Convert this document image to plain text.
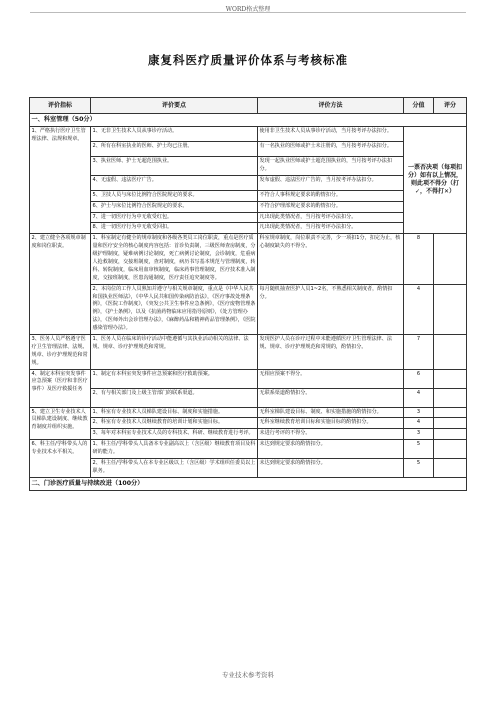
WORD格式整理
康复科医疗质量评价体系与考核标准
评价指标	评价要点	评价方法	分值	评分
一、科室管理（50分）				
1、严格执行医疗卫生管理法律、法规和规章。	1、无非卫生技术人员从事诊疗活动。	使用非卫生技术人员从事诊疗活动，当月按考评办法扣分。	一票否决项（每项扣分）如有以上情况，则此项不得分（打✓，不得打✕）	
	2、所有在科室执业的医师、护士均已注册。	有一名执业的医师或护士未注册的，当月按考评办法扣分。		
	3、执业医师、护士无超范围执业。	发现一起执业医师或护士超范围执业的，当月按考评办法扣分。		
	4、无虚假、违法医疗广告。	发布虚假、违法医疗广告的，当月按考评办法扣分。		
	5、卫技人员与床位比例符合医院规定的要求。	不符合人事科规定要求的酌情扣分。		
	6、护士与床位比例符合医院规定的要求。	不符合护理部规定要求的酌情扣分。		
	7、进一切医疗行为中无收受红包。	凡出现此类情况者，当月按考评办法扣分。		
	8、进一切医疗行为中无收受回扣。	凡出现此类情况者，当月按考评办法扣分。		
2、建立健全各项规章制度和岗位职责。	1、科室制定有健全的规章制度和各级各类员工岗位职责，重点是医疗质量和医疗安全的核心制度内容包括：首诊负责制，三级医师查房制度，分级护理制度，疑难病例讨论制度，死亡病例讨论制度，会诊制度，危重病人抢救制度，交接班制度，查对制度，病历书写基本规范与管理制度，转科、转院制度，临床用血审核制度，临床药事管理制度，医疗技术准入制度，交接班制度，医患沟通制度，医疗责任追究制度等。	科室规章制度，岗位职责不完善，少一项扣1分，扣完为止，核心制度缺失的不得分。	8	
	2、本岗位的工作人员熟知并遵守与相关规章制度，重点是《中华人民共和国执业医师法》，《中华人民共和国传染病防治法》，《医疗事故处理条例》，《医院工作制度》，《突发公共卫生事件应急条例》，《医疗废物管理条例》，《护士条例》，以及《抗菌药物临床应用指导原则》，《处方管理办法》，《医师外出会诊管理办法》，《麻醉药品和精神药品管理条例》，《医院感染管理办法》。	每月随机抽查医护人员1~2名，不熟悉相关制度者，酌情扣分。	4	
3、医务人员严格遵守医疗卫生管理法律、法规、规章、诊疗护理规范和常规。	1、医务人员在临床的诊疗活动中能遵循与其执业活动相关的法律、法规、规章、诊疗护理规范和常规。	发现医护人员在诊疗过程中未能遵循医疗卫生管理法律、法规、规章、诊疗护理规范和常规的，酌情扣分。	7	
4、制定本科室突发事件应急预案（医疗和非医疗事件）及医疗救援任务	1、制定有本科室突发事件应急预案和医疗救助预案。	无相应预案不得分。	6	
	2、有与相关部门及上级主管部门的联系渠道。	无联系渠道酌情扣分。	4	
5、建立卫生专业技术人员梯队建设制度、继续教育制度并组织实施。	1、科室有专业技术人员梯队建设目标、制度和实施措施。	无科室梯队建设目标、制度、和实施措施的酌情扣分。	3	
	2、科室有专业技术人员继续教育的培训计划和实施目标。	无科室继续教育培训目标和实施目标的酌情扣分。	4	
	3、每年对本科室专业技术人员的专科技术、科研、继续教育进行考评。	未进行考评的不得分。	3	
6、科主任/学科带头人的专业技术水平相关。	1、科主任/学科带头人具备本专业副高以上（含区级）继续教育项目及科研的能力。	未达到规定要求的酌情扣分。	5	
	2、科主任/学科带头人在本专业区级以上（含区级）学术组织任委员以上职务。	未达到规定要求的酌情扣分。	5	
二、门诊医疗质量与持续改进（100分）				
专业技术参考资料
